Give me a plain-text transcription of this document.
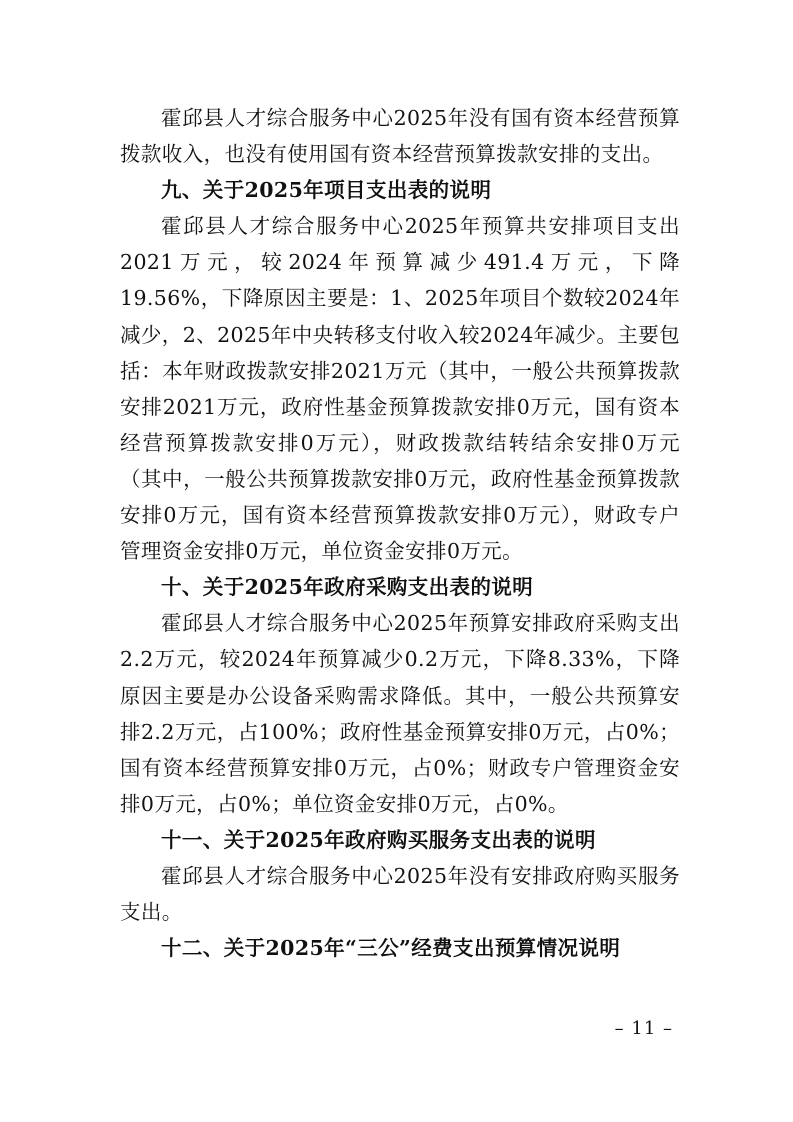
霍邱县人才综合服务中心2025年没有国有资本经营预算拨款收入，也没有使用国有资本经营预算拨款安排的支出。

九、关于2025年项目支出表的说明

霍邱县人才综合服务中心2025年预算共安排项目支出2021万元，较2024年预算减少491.4万元，下降19.56%，下降原因主要是：1、2025年项目个数较2024年减少，2、2025年中央转移支付收入较2024年减少。主要包括：本年财政拨款安排2021万元（其中，一般公共预算拨款安排2021万元，政府性基金预算拨款安排0万元，国有资本经营预算拨款安排0万元），财政拨款结转结余安排0万元（其中，一般公共预算拨款安排0万元，政府性基金预算拨款安排0万元，国有资本经营预算拨款安排0万元），财政专户管理资金安排0万元，单位资金安排0万元。

十、关于2025年政府采购支出表的说明

霍邱县人才综合服务中心2025年预算安排政府采购支出2.2万元，较2024年预算减少0.2万元，下降8.33%，下降原因主要是办公设备采购需求降低。其中，一般公共预算安排2.2万元，占100%；政府性基金预算安排0万元，占0%；国有资本经营预算安排0万元，占0%；财政专户管理资金安排0万元，占0%；单位资金安排0万元，占0%。

十一、关于2025年政府购买服务支出表的说明

霍邱县人才综合服务中心2025年没有安排政府购买服务支出。

十二、关于2025年“三公”经费支出预算情况说明

– 11 –
